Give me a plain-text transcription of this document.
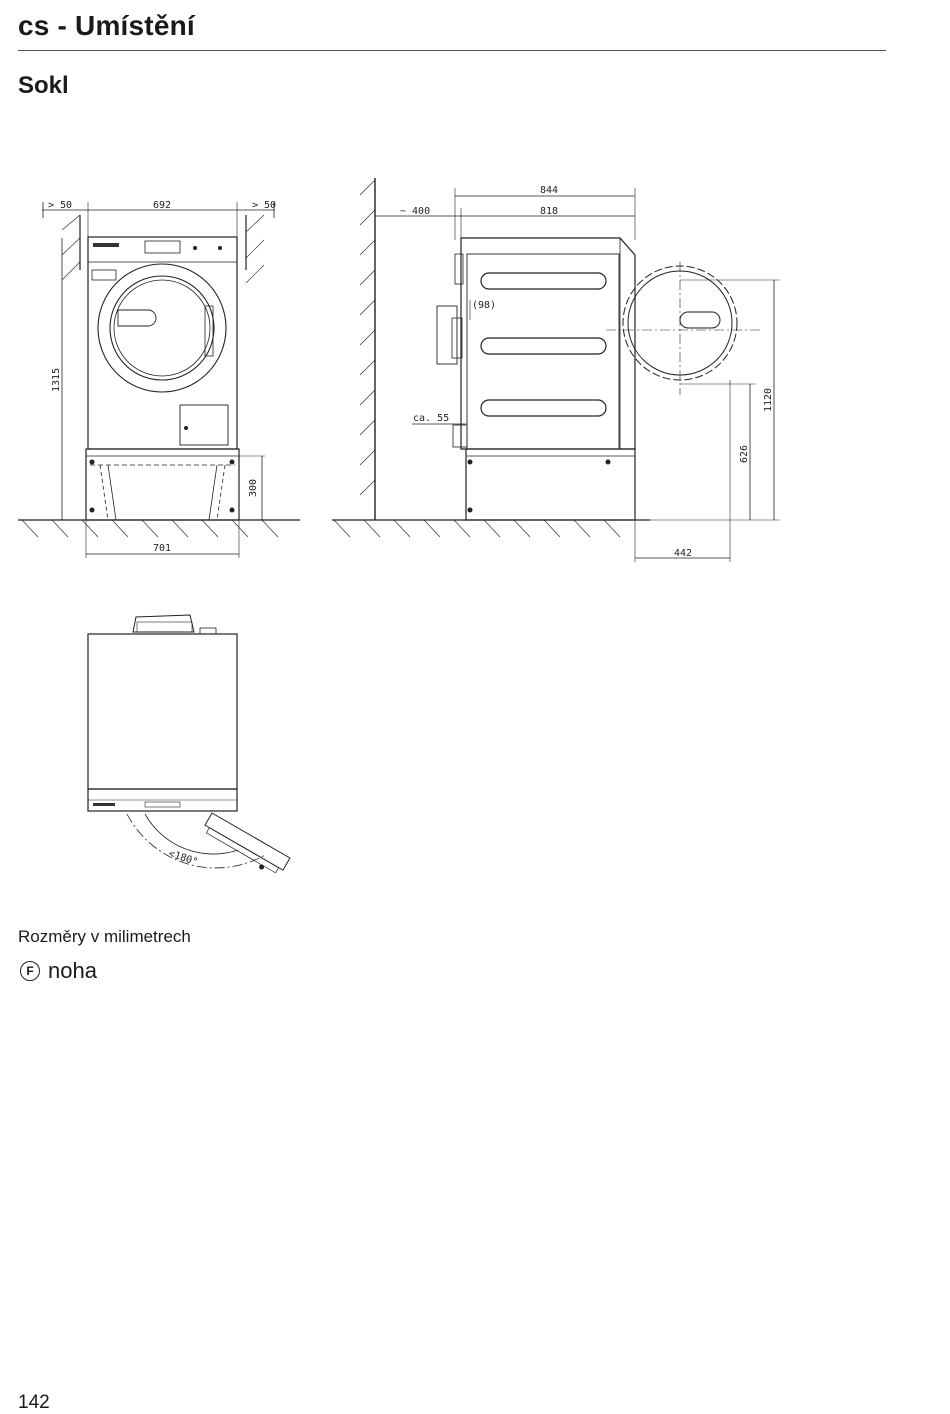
cs - Umístění
Sokl
> 50	692	> 50
1315
300
701
844
818
~ 400
(98)
ca. 55
1120
626
442
<180°
Rozměry v milimetrech
F noha
142
